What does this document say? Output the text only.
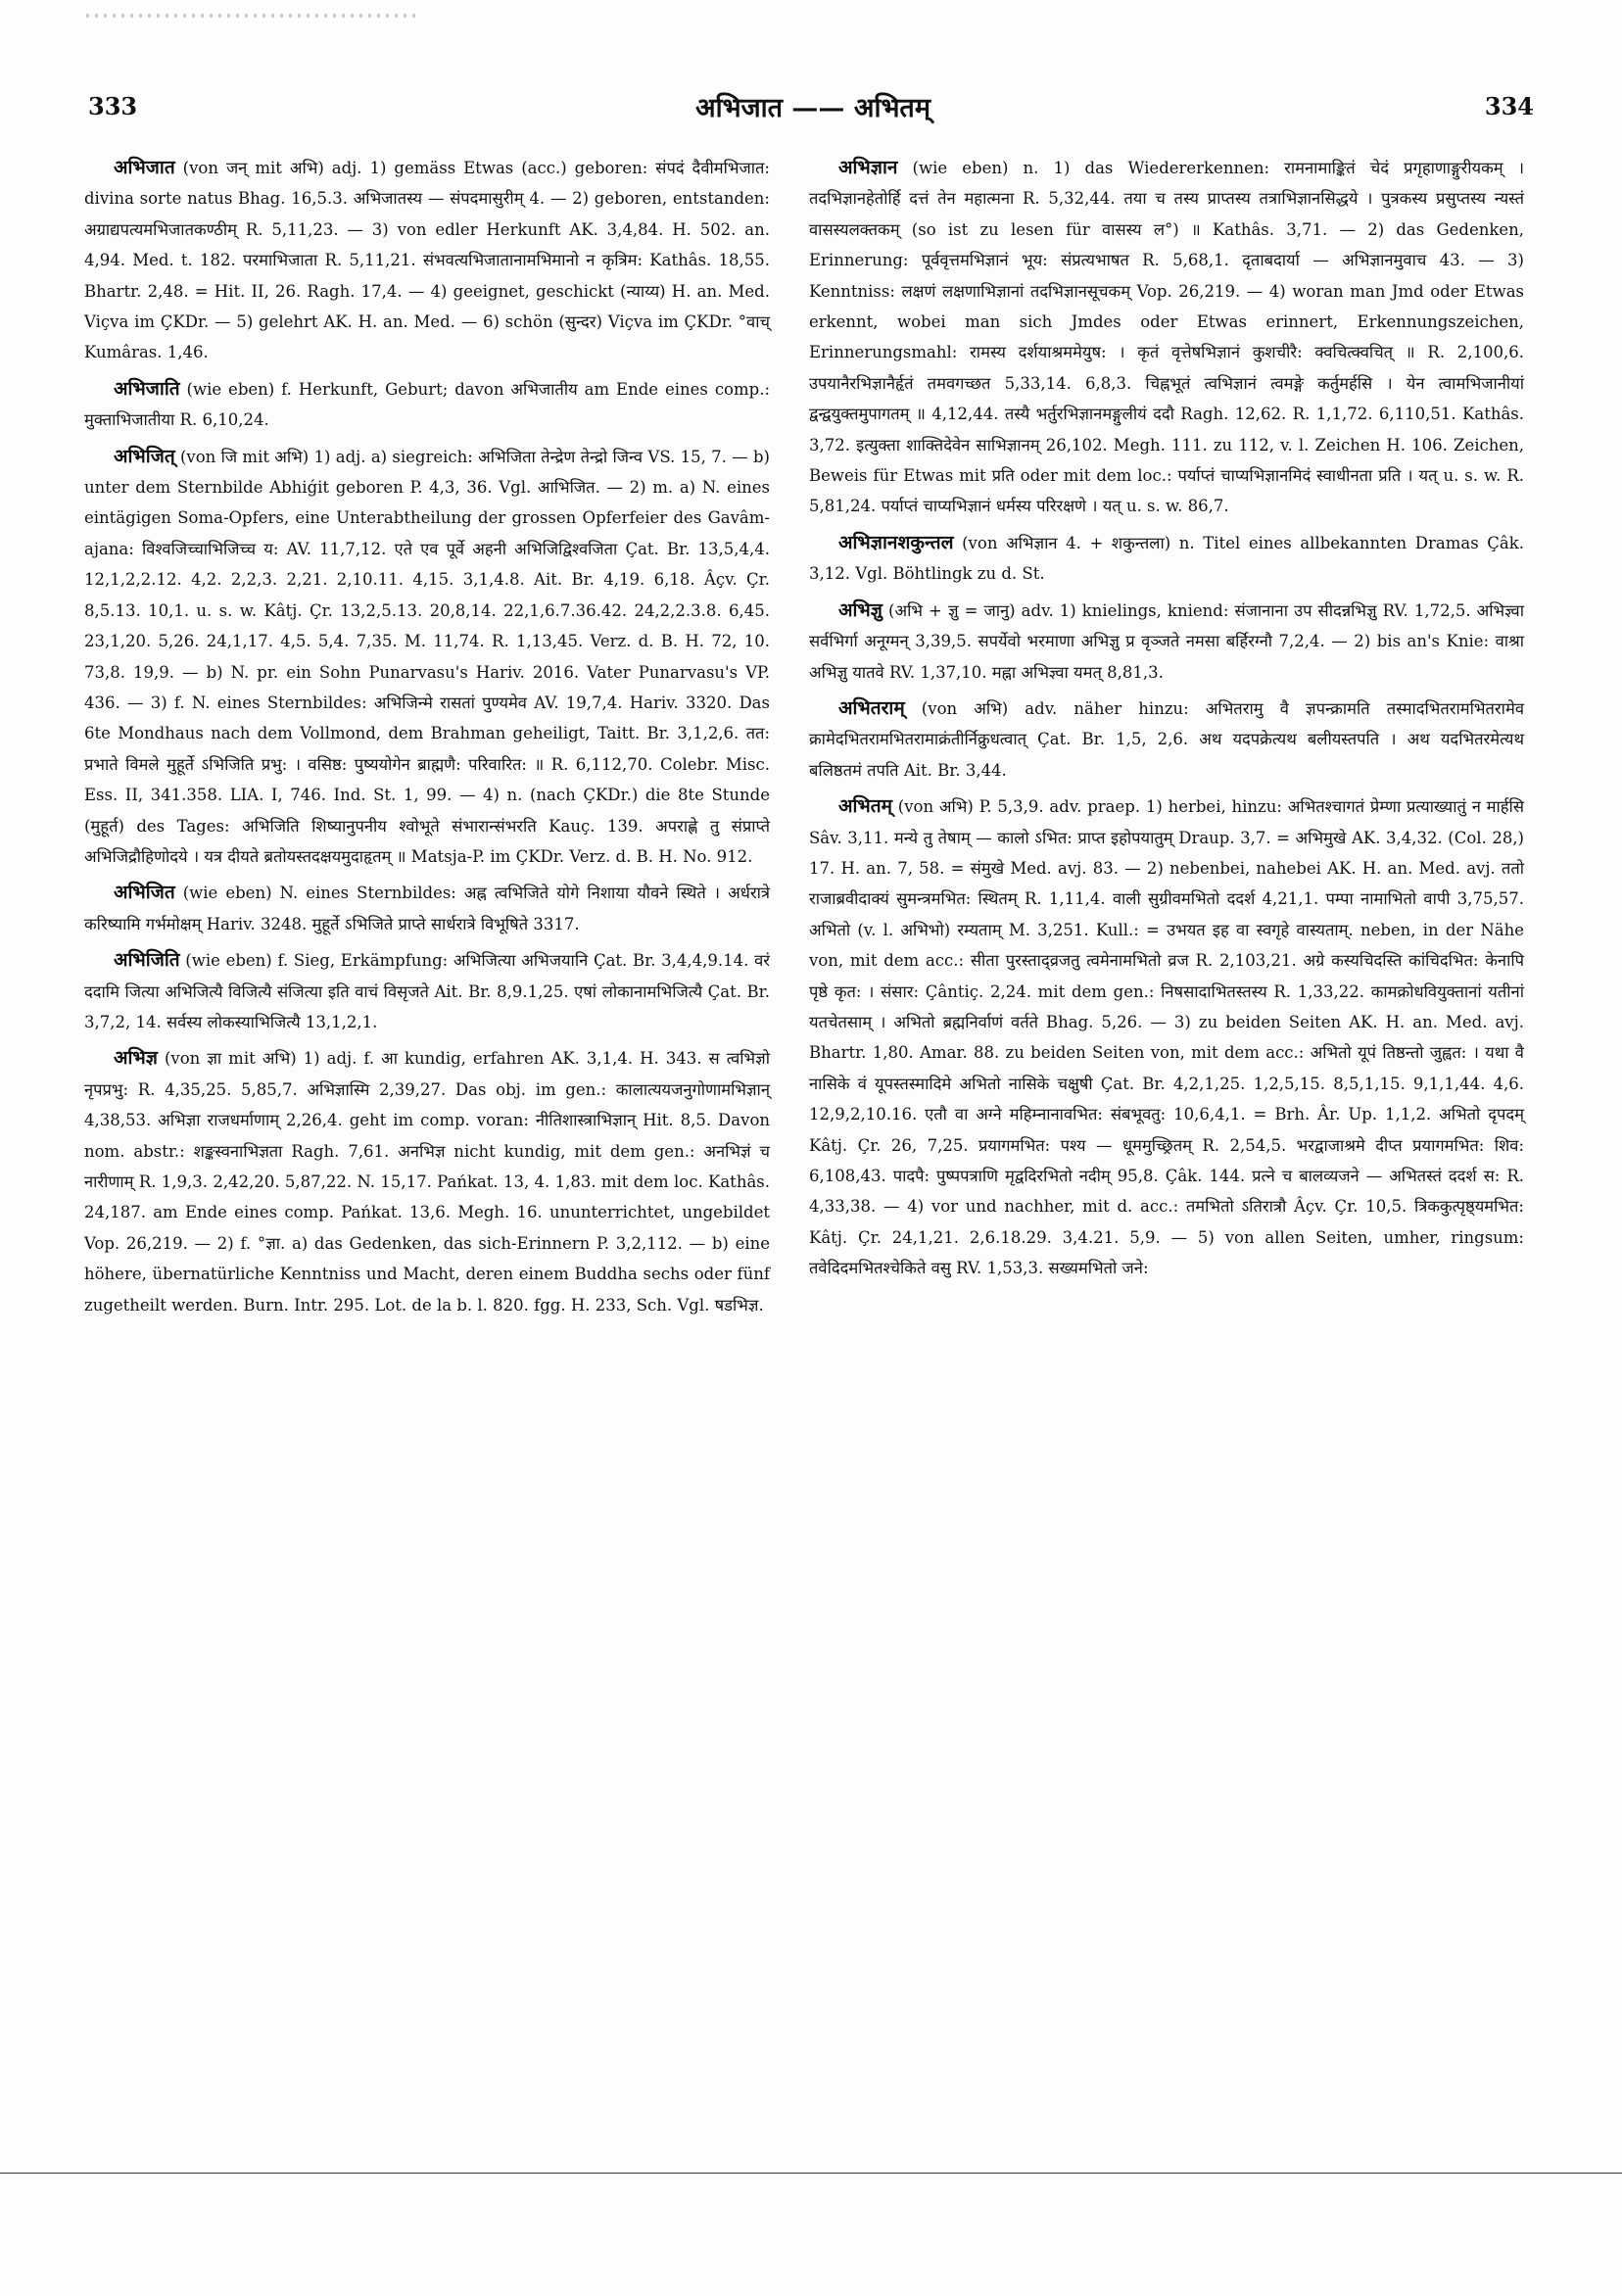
333	अभिजात —— अभितम्	334

अभिजात (von जन् mit अभि) adj. 1) gemäss Etwas (acc.) geboren: संपदं दैवीमभिजात: divina sorte natus Bhag. 16,5.3. अभिजातस्य — संपदमासुरीम् 4. — 2) geboren, entstanden: अग्राद्यपत्यमभिजातकण्ठीम् R. 5,11,23. — 3) von edler Herkunft AK. 3,4,84. H. 502. an. 4,94. Med. t. 182. परमाभिजाता R. 5,11,21. संभवत्यभिजातानामभिमानो न कृत्रिम: Kathâs. 18,55. Bhartr. 2,48. = Hit. II, 26. Ragh. 17,4. — 4) geeignet, geschickt (न्याय्य) H. an. Med. Viçva im ÇKDr. — 5) gelehrt AK. H. an. Med. — 6) schön (सुन्दर) Viçva im ÇKDr. °वाच् Kumâras. 1,46.

अभिजाति (wie eben) f. Herkunft, Geburt; davon अभिजातीय am Ende eines comp.: मुक्ताभिजातीया R. 6,10,24.

अभिजित् (von जि mit अभि) 1) adj. a) siegreich: अभिजिता तेन्द्रेण तेन्द्रो जिन्व VS. 15, 7. — b) unter dem Sternbilde Abhiǵit geboren P. 4,3, 36. Vgl. आभिजित. — 2) m. a) N. eines eintägigen Soma-Opfers, eine Unterabtheilung der grossen Opferfeier des Gavâm-ajana: विश्वजिच्चाभिजिच्च य: AV. 11,7,12. एते एव पूर्वे अहनी अभिजिद्विश्वजिता Çat. Br. 13,5,4,4. 12,1,2,2.12. 4,2. 2,2,3. 2,21. 2,10.11. 4,15. 3,1,4.8. Ait. Br. 4,19. 6,18. Âçv. Çr. 8,5.13. 10,1. u. s. w. Kâtj. Çr. 13,2,5.13. 20,8,14. 22,1,6.7.36.42. 24,2,2.3.8. 6,45. 23,1,20. 5,26. 24,1,17. 4,5. 5,4. 7,35. M. 11,74. R. 1,13,45. Verz. d. B. H. 72, 10. 73,8. 19,9. — b) N. pr. ein Sohn Punarvasu's Hariv. 2016. Vater Punarvasu's VP. 436. — 3) f. N. eines Sternbildes: अभिजिन्मे रासतां पुण्यमेव AV. 19,7,4. Hariv. 3320. Das 6te Mondhaus nach dem Vollmond, dem Brahman geheiligt, Taitt. Br. 3,1,2,6. तत: प्रभाते विमले मुहूर्ते ऽभिजिति प्रभु: । वसिष्ठ: पुष्ययोगेन ब्राह्मणै: परिवारित: ॥ R. 6,112,70. Colebr. Misc. Ess. II, 341.358. LIA. I, 746. Ind. St. 1, 99. — 4) n. (nach ÇKDr.) die 8te Stunde (मुहूर्त) des Tages: अभिजिति शिष्यानुपनीय श्वोभूते संभारान्संभरति Kauç. 139. अपराह्णे तु संप्राप्ते अभिजिद्रौहिणोदये । यत्र दीयते ब्रतोयस्तदक्षयमुदाहृतम् ॥ Matsja-P. im ÇKDr. Verz. d. B. H. No. 912.

अभिजित (wie eben) N. eines Sternbildes: अह्न त्वभिजिते योगे निशाया यौवने स्थिते । अर्धरात्रे करिष्यामि गर्भमोक्षम् Hariv. 3248. मुहूर्ते ऽभिजिते प्राप्ते सार्धरात्रे विभूषिते 3317.

अभिजिति (wie eben) f. Sieg, Erkämpfung: अभिजित्या अभिजयानि Çat. Br. 3,4,4,9.14. वरं ददामि जित्या अभिजित्यै विजित्यै संजित्या इति वाचं विसृजते Ait. Br. 8,9.1,25. एषां लोकानामभिजित्यै Çat. Br. 3,7,2, 14. सर्वस्य लोकस्याभिजित्यै 13,1,2,1.

अभिज्ञ (von ज्ञा mit अभि) 1) adj. f. आ kundig, erfahren AK. 3,1,4. H. 343. स त्वभिज्ञो नृपप्रभु: R. 4,35,25. 5,85,7. अभिज्ञास्मि 2,39,27. Das obj. im gen.: कालात्ययजनुगोणामभिज्ञान् 4,38,53. अभिज्ञा राजधर्माणाम् 2,26,4. geht im comp. voran: नीतिशास्त्राभिज्ञान् Hit. 8,5. Davon nom. abstr.: शङ्कस्वनाभिज्ञता Ragh. 7,61. अनभिज्ञ nicht kundig, mit dem gen.: अनभिज्ञं च नारीणाम् R. 1,9,3. 2,42,20. 5,87,22. N. 15,17. Pańkat. 13, 4. 1,83. mit dem loc. Kathâs. 24,187. am Ende eines comp. Pańkat. 13,6. Megh. 16. ununterrichtet, ungebildet Vop. 26,219. — 2) f. °ज्ञा. a) das Gedenken, das sich-Erinnern P. 3,2,112. — b) eine höhere, übernatürliche Kenntniss und Macht, deren einem Buddha sechs oder fünf zugetheilt werden. Burn. Intr. 295. Lot. de la b. l. 820. fgg. H. 233, Sch. Vgl. षडभिज्ञ.

अभिज्ञान (wie eben) n. 1) das Wiedererkennen: रामनामाङ्कितं चेदं प्रगृहाणाङ्गुरीयकम् । तदभिज्ञानहेतोर्हि दत्तं तेन महात्मना R. 5,32,44. तया च तस्य प्राप्तस्य तत्राभिज्ञानसिद्धये । पुत्रकस्य प्रसुप्तस्य न्यस्तं वासस्यलक्तकम् (so ist zu lesen für वासस्य ल°) ॥ Kathâs. 3,71. — 2) das Gedenken, Erinnerung: पूर्ववृत्तमभिज्ञानं भूय: संप्रत्यभाषत R. 5,68,1. दृताबदार्या — अभिज्ञानमुवाच 43. — 3) Kenntniss: लक्षणं लक्षणाभिज्ञानां तदभिज्ञानसूचकम् Vop. 26,219. — 4) woran man Jmd oder Etwas erkennt, wobei man sich Jmdes oder Etwas erinnert, Erkennungszeichen, Erinnerungsmahl: रामस्य दर्शयाश्रममेयुष: । कृतं वृत्तेषभिज्ञानं कुशचीरै: क्वचित्क्वचित् ॥ R. 2,100,6. उपयानैरभिज्ञानैर्हृतं तमवगच्छत 5,33,14. 6,8,3. चिह्नभूतं त्वभिज्ञानं त्वमङ्गे कर्तुमर्हसि । येन त्वामभिजानीयां द्वन्द्वयुक्तमुपागतम् ॥ 4,12,44. तस्यै भर्तुरभिज्ञानमङ्गुलीयं ददौ Ragh. 12,62. R. 1,1,72. 6,110,51. Kathâs. 3,72. इत्युक्ता शाक्तिदेवेन साभिज्ञानम् 26,102. Megh. 111. zu 112, v. l. Zeichen H. 106. Zeichen, Beweis für Etwas mit प्रति oder mit dem loc.: पर्याप्तं चाप्यभिज्ञानमिदं स्वाधीनता प्रति । यत् u. s. w. R. 5,81,24. पर्याप्तं चाप्यभिज्ञानं धर्मस्य परिरक्षणे । यत् u. s. w. 86,7.

अभिज्ञानशकुन्तल (von अभिज्ञान 4. + शकुन्तला) n. Titel eines allbekannten Dramas Çâk. 3,12. Vgl. Böhtlingk zu d. St.

अभिज्ञु (अभि + ज्ञु = जानु) adv. 1) knielings, kniend: संजानाना उप सीदन्नभिज्ञु RV. 1,72,5. अभिज्ञ्वा सर्वभिर्गा अनूग्मन् 3,39,5. सपर्येवो भरमाणा अभिज्ञु प्र वृञ्जते नमसा बर्हिरग्नौ 7,2,4. — 2) bis an's Knie: वाश्रा अभिज्ञु यातवे RV. 1,37,10. मह्ना अभिज्ञ्वा यमत् 8,81,3.

अभितराम् (von अभि) adv. näher hinzu: अभितरामु वै ज्ञपन्क्रामति तस्मादभितरामभितरामेव क्रामेदभितरामभितरामाक्रंतीर्निक्रुधत्वात् Çat. Br. 1,5, 2,6. अथ यदपक्रेत्यथ बलीयस्तपति । अथ यदभितरमेत्यथ बलिष्ठतमं तपति Ait. Br. 3,44.

अभितम् (von अभि) P. 5,3,9. adv. praep. 1) herbei, hinzu: अभितश्चागतं प्रेम्णा प्रत्याख्यातुं न मार्हसि Sâv. 3,11. मन्ये तु तेषाम् — कालो ऽभित: प्राप्त इहोपयातुम् Draup. 3,7. = अभिमुखे AK. 3,4,32. (Col. 28,) 17. H. an. 7, 58. = संमुखे Med. avj. 83. — 2) nebenbei, nahebei AK. H. an. Med. avj. ततो राजाब्रवीदाक्यं सुमन्त्रमभित: स्थितम् R. 1,11,4. वाली सुग्रीवमभितो ददर्श 4,21,1. पम्पा नामाभितो वापी 3,75,57. अभितो (v. l. अभिभो) रम्यताम् M. 3,251. Kull.: = उभयत इह वा स्वगृहे वास्यताम्. neben, in der Nähe von, mit dem acc.: सीता पुरस्ताद्व्रजतु त्वमेनामभितो व्रज R. 2,103,21. अग्रे कस्यचिदस्ति कांचिदभित: केनापि पृष्ठे कृत: । संसार: Çântiç. 2,24. mit dem gen.: निषसादाभितस्तस्य R. 1,33,22. कामक्रोधवियुक्तानां यतीनां यतचेतसाम् । अभितो ब्रह्मनिर्वाणं वर्तते Bhag. 5,26. — 3) zu beiden Seiten AK. H. an. Med. avj. Bhartr. 1,80. Amar. 88. zu beiden Seiten von, mit dem acc.: अभितो यूपं तिष्ठन्तो जुह्वत: । यथा वै नासिके वं यूपस्तस्मादिमे अभितो नासिके चक्षुषी Çat. Br. 4,2,1,25. 1,2,5,15. 8,5,1,15. 9,1,1,44. 4,6. 12,9,2,10.16. एतौ वा अग्ने महिम्नानावभित: संबभूवतु: 10,6,4,1. = Brh. Âr. Up. 1,1,2. अभितो दृपदम् Kâtj. Çr. 26, 7,25. प्रयागमभित: पश्य — धूममुच्छ्रितम् R. 2,54,5. भरद्वाजाश्रमे दीप्त प्रयागमभित: शिव: 6,108,43. पादपै: पुष्पपत्राणि मृद्वदिरभितो नदीम् 95,8. Çâk. 144. प्रत्ने च बालव्यजने — अभितस्तं ददर्श स: R. 4,33,38. — 4) vor und nachher, mit d. acc.: तमभितो ऽतिरात्रौ Âçv. Çr. 10,5. त्रिककुत्पृष्ठ्यमभित: Kâtj. Çr. 24,1,21. 2,6.18.29. 3,4.21. 5,9. — 5) von allen Seiten, umher, ringsum: तवेदिदमभितश्चेकिते वसु RV. 1,53,3. सख्यमभितो जने:
